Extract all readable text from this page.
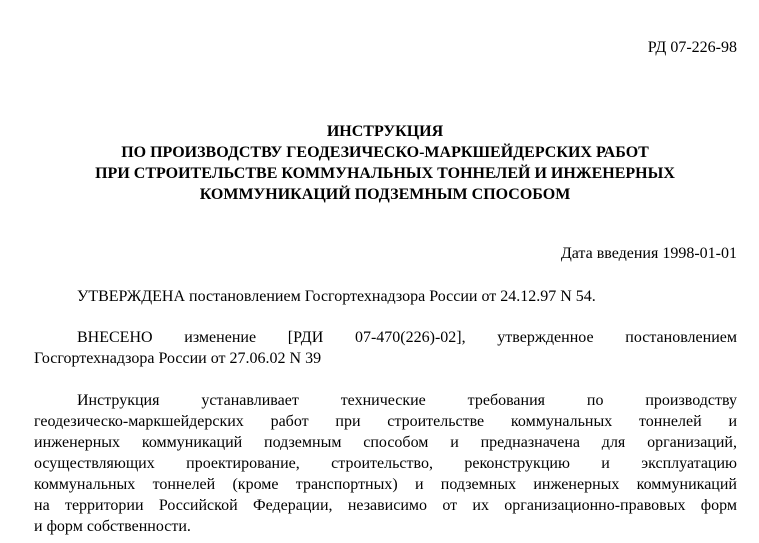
РД 07-226-98
ИНСТРУКЦИЯ
ПО ПРОИЗВОДСТВУ ГЕОДЕЗИЧЕСКО-МАРКШЕЙДЕРСКИХ РАБОТ
ПРИ СТРОИТЕЛЬСТВЕ КОММУНАЛЬНЫХ ТОННЕЛЕЙ И ИНЖЕНЕРНЫХ
КОММУНИКАЦИЙ ПОДЗЕМНЫМ СПОСОБОМ
Дата введения 1998-01-01
УТВЕРЖДЕНА постановлением Госгортехнадзора России от 24.12.97 N 54.
ВНЕСЕНО изменение [РДИ 07-470(226)-02], утвержденное постановлением
Госгортехнадзора России от 27.06.02 N 39
Инструкция устанавливает технические требования по производству
геодезическо-маркшейдерских работ при строительстве коммунальных тоннелей и
инженерных коммуникаций подземным способом и предназначена для организаций,
осуществляющих проектирование, строительство, реконструкцию и эксплуатацию
коммунальных тоннелей (кроме транспортных) и подземных инженерных коммуникаций
на территории Российской Федерации, независимо от их организационно-правовых форм
и форм собственности.
